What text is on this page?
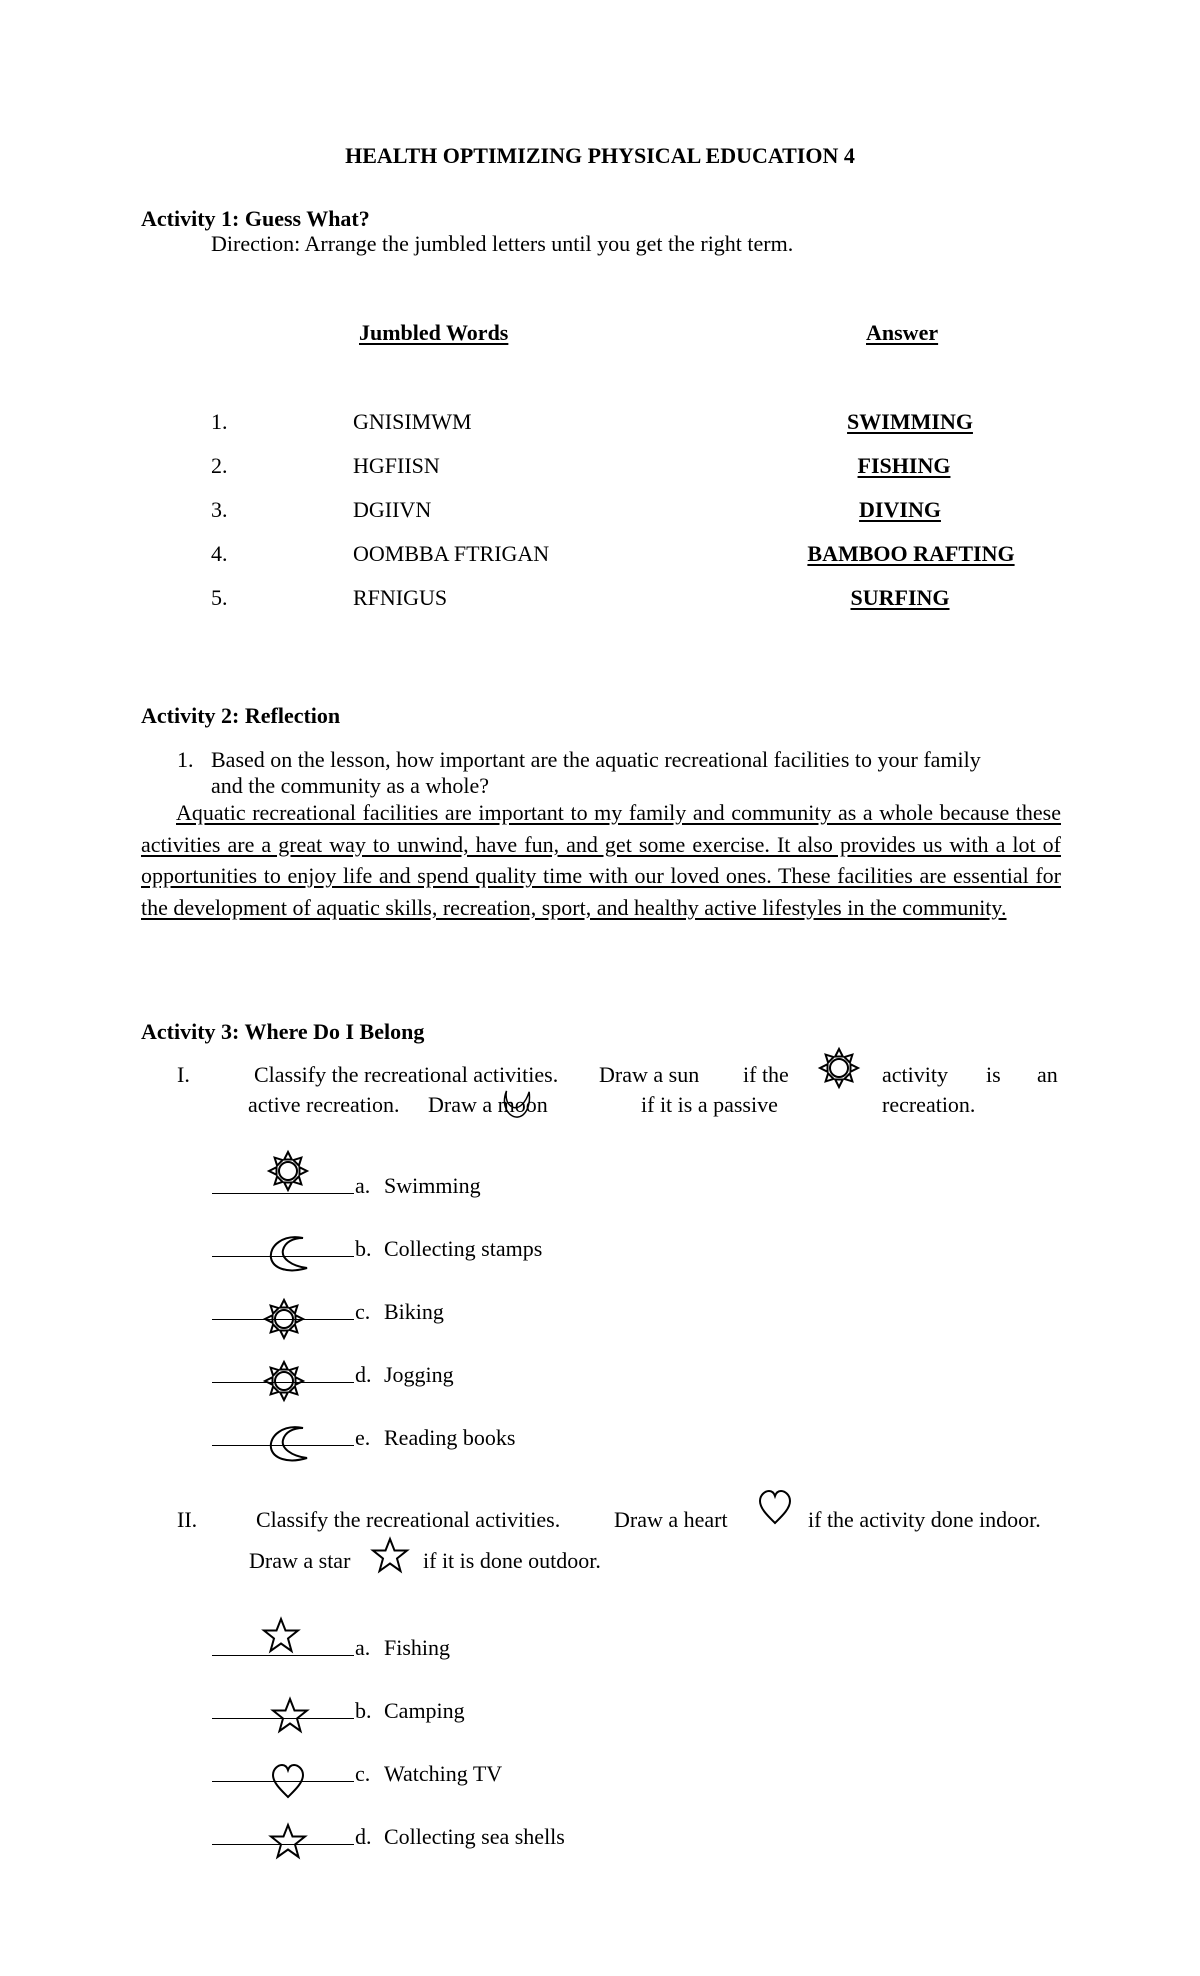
HEALTH OPTIMIZING PHYSICAL EDUCATION 4
Activity 1: Guess What?
Direction: Arrange the jumbled letters until you get the right term.
Jumbled Words	Answer
1.	GNISIMWM	SWIMMING
2.	HGFIISN	FISHING
3.	DGIIVN	DIVING
4.	OOMBBA FTRIGAN	BAMBOO RAFTING
5.	RFNIGUS	SURFING
Activity 2: Reflection
1. Based on the lesson, how important are the aquatic recreational facilities to your family
and the community as a whole?
Aquatic recreational facilities are important to my family and community as a whole because these activities are a great way to unwind, have fun, and get some exercise. It also provides us with a lot of opportunities to enjoy life and spend quality time with our loved ones. These facilities are essential for the development of aquatic skills, recreation, sport, and healthy active lifestyles in the community.
Activity 3: Where Do I Belong
I.	Classify the recreational activities. Draw a sun if the	activity is an
active recreation. Draw a moon	if it is a passive	recreation.
a. Swimming
b. Collecting stamps
c. Biking
d. Jogging
e. Reading books
II.	Classify the recreational activities. Draw a heart	if the activity done indoor.
Draw a star	if it is done outdoor.
a. Fishing
b. Camping
c. Watching TV
d. Collecting sea shells
